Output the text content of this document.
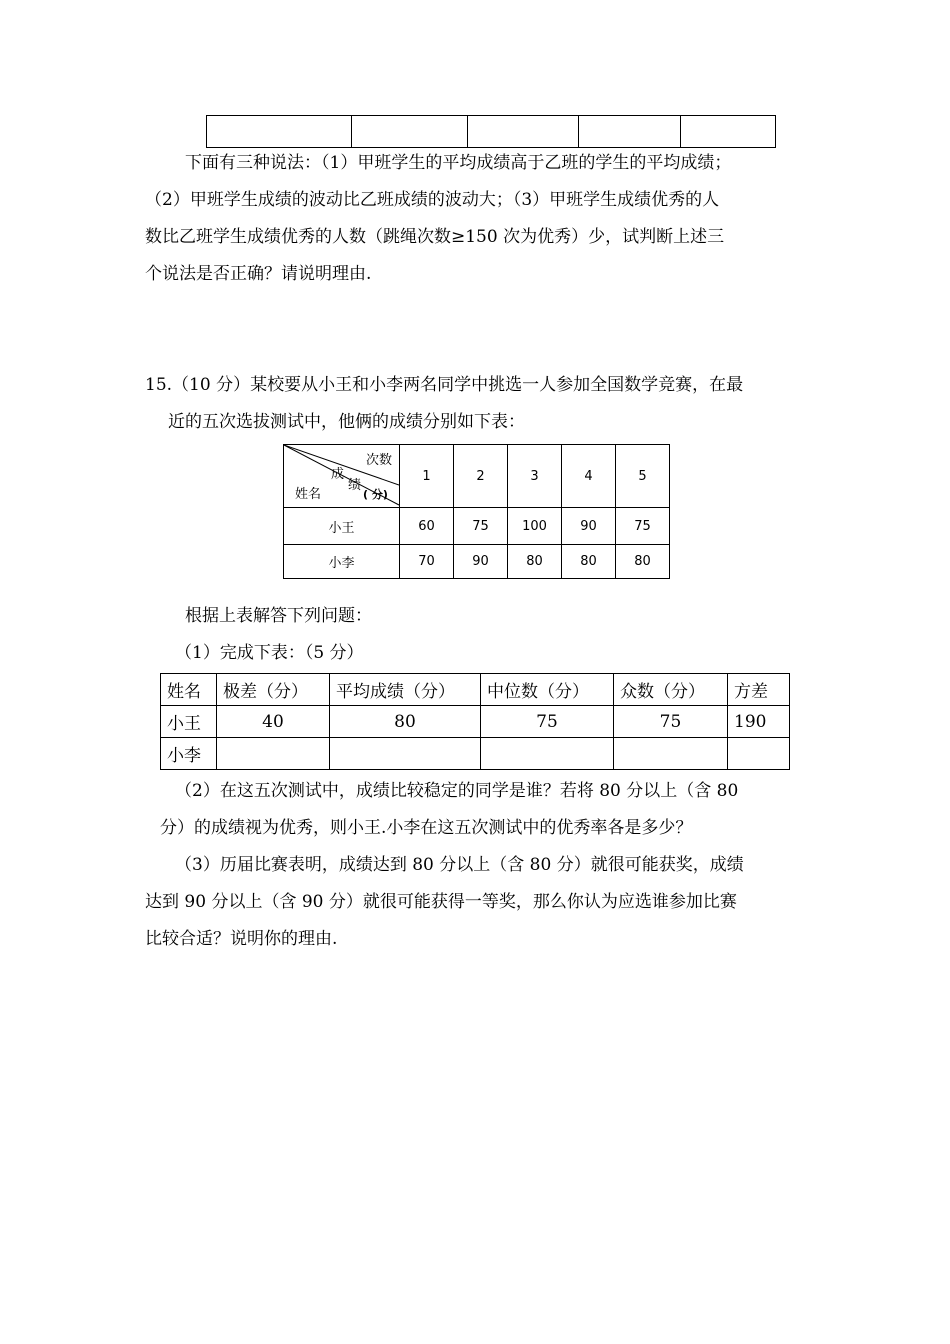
下面有三种说法：（1）甲班学生的平均成绩高于乙班的学生的平均成绩；
（2）甲班学生成绩的波动比乙班成绩的波动大；（3）甲班学生成绩优秀的人
数比乙班学生成绩优秀的人数（跳绳次数≥150 次为优秀）少，试判断上述三
个说法是否正确？请说明理由.
15.（10 分）某校要从小王和小李两名同学中挑选一人参加全国数学竞赛，在最
近的五次选拔测试中，他俩的成绩分别如下表：
次数
成
绩
( 分)
姓名	1	2	3	4	5
小王	60	75	100	90	75
小李	70	90	80	80	80
根据上表解答下列问题：
（1）完成下表：（5 分）
姓名	极差（分）	平均成绩（分）	中位数（分）	众数（分）	方差
小王	40	80	75	75	190
小李					
（2）在这五次测试中，成绩比较稳定的同学是谁？若将 80 分以上（含 80
分）的成绩视为优秀，则小王.小李在这五次测试中的优秀率各是多少？
（3）历届比赛表明，成绩达到 80 分以上（含 80 分）就很可能获奖，成绩
达到 90 分以上（含 90 分）就很可能获得一等奖，那么你认为应选谁参加比赛
比较合适？说明你的理由.
